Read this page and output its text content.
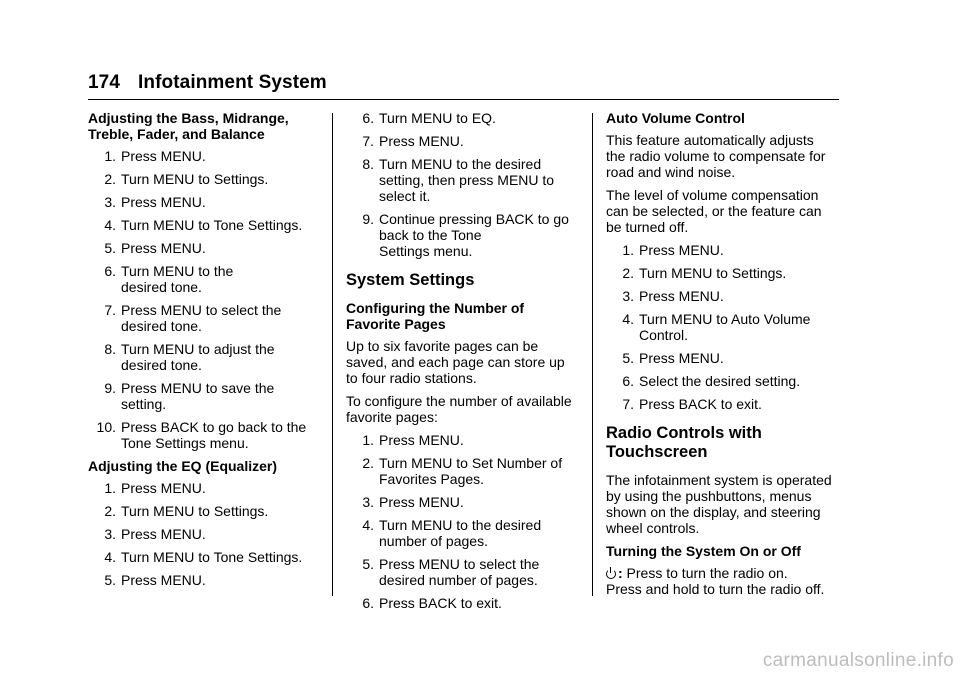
174 Infotainment System
Adjusting the Bass, Midrange,
Treble, Fader, and Balance
1. Press MENU.
2. Turn MENU to Settings.
3. Press MENU.
4. Turn MENU to Tone Settings.
5. Press MENU.
6. Turn MENU to the
desired tone.
7. Press MENU to select the
desired tone.
8. Turn MENU to adjust the
desired tone.
9. Press MENU to save the
setting.
10. Press BACK to go back to the
Tone Settings menu.
Adjusting the EQ (Equalizer)
1. Press MENU.
2. Turn MENU to Settings.
3. Press MENU.
4. Turn MENU to Tone Settings.
5. Press MENU.
6. Turn MENU to EQ.
7. Press MENU.
8. Turn MENU to the desired
setting, then press MENU to
select it.
9. Continue pressing BACK to go
back to the Tone
Settings menu.
System Settings
Configuring the Number of
Favorite Pages
Up to six favorite pages can be
saved, and each page can store up
to four radio stations.
To configure the number of available
favorite pages:
1. Press MENU.
2. Turn MENU to Set Number of
Favorites Pages.
3. Press MENU.
4. Turn MENU to the desired
number of pages.
5. Press MENU to select the
desired number of pages.
6. Press BACK to exit.
Auto Volume Control
This feature automatically adjusts
the radio volume to compensate for
road and wind noise.
The level of volume compensation
can be selected, or the feature can
be turned off.
1. Press MENU.
2. Turn MENU to Settings.
3. Press MENU.
4. Turn MENU to Auto Volume
Control.
5. Press MENU.
6. Select the desired setting.
7. Press BACK to exit.
Radio Controls with
Touchscreen
The infotainment system is operated
by using the pushbuttons, menus
shown on the display, and steering
wheel controls.
Turning the System On or Off
: Press to turn the radio on.
Press and hold to turn the radio off.
carmanualsonline.info
